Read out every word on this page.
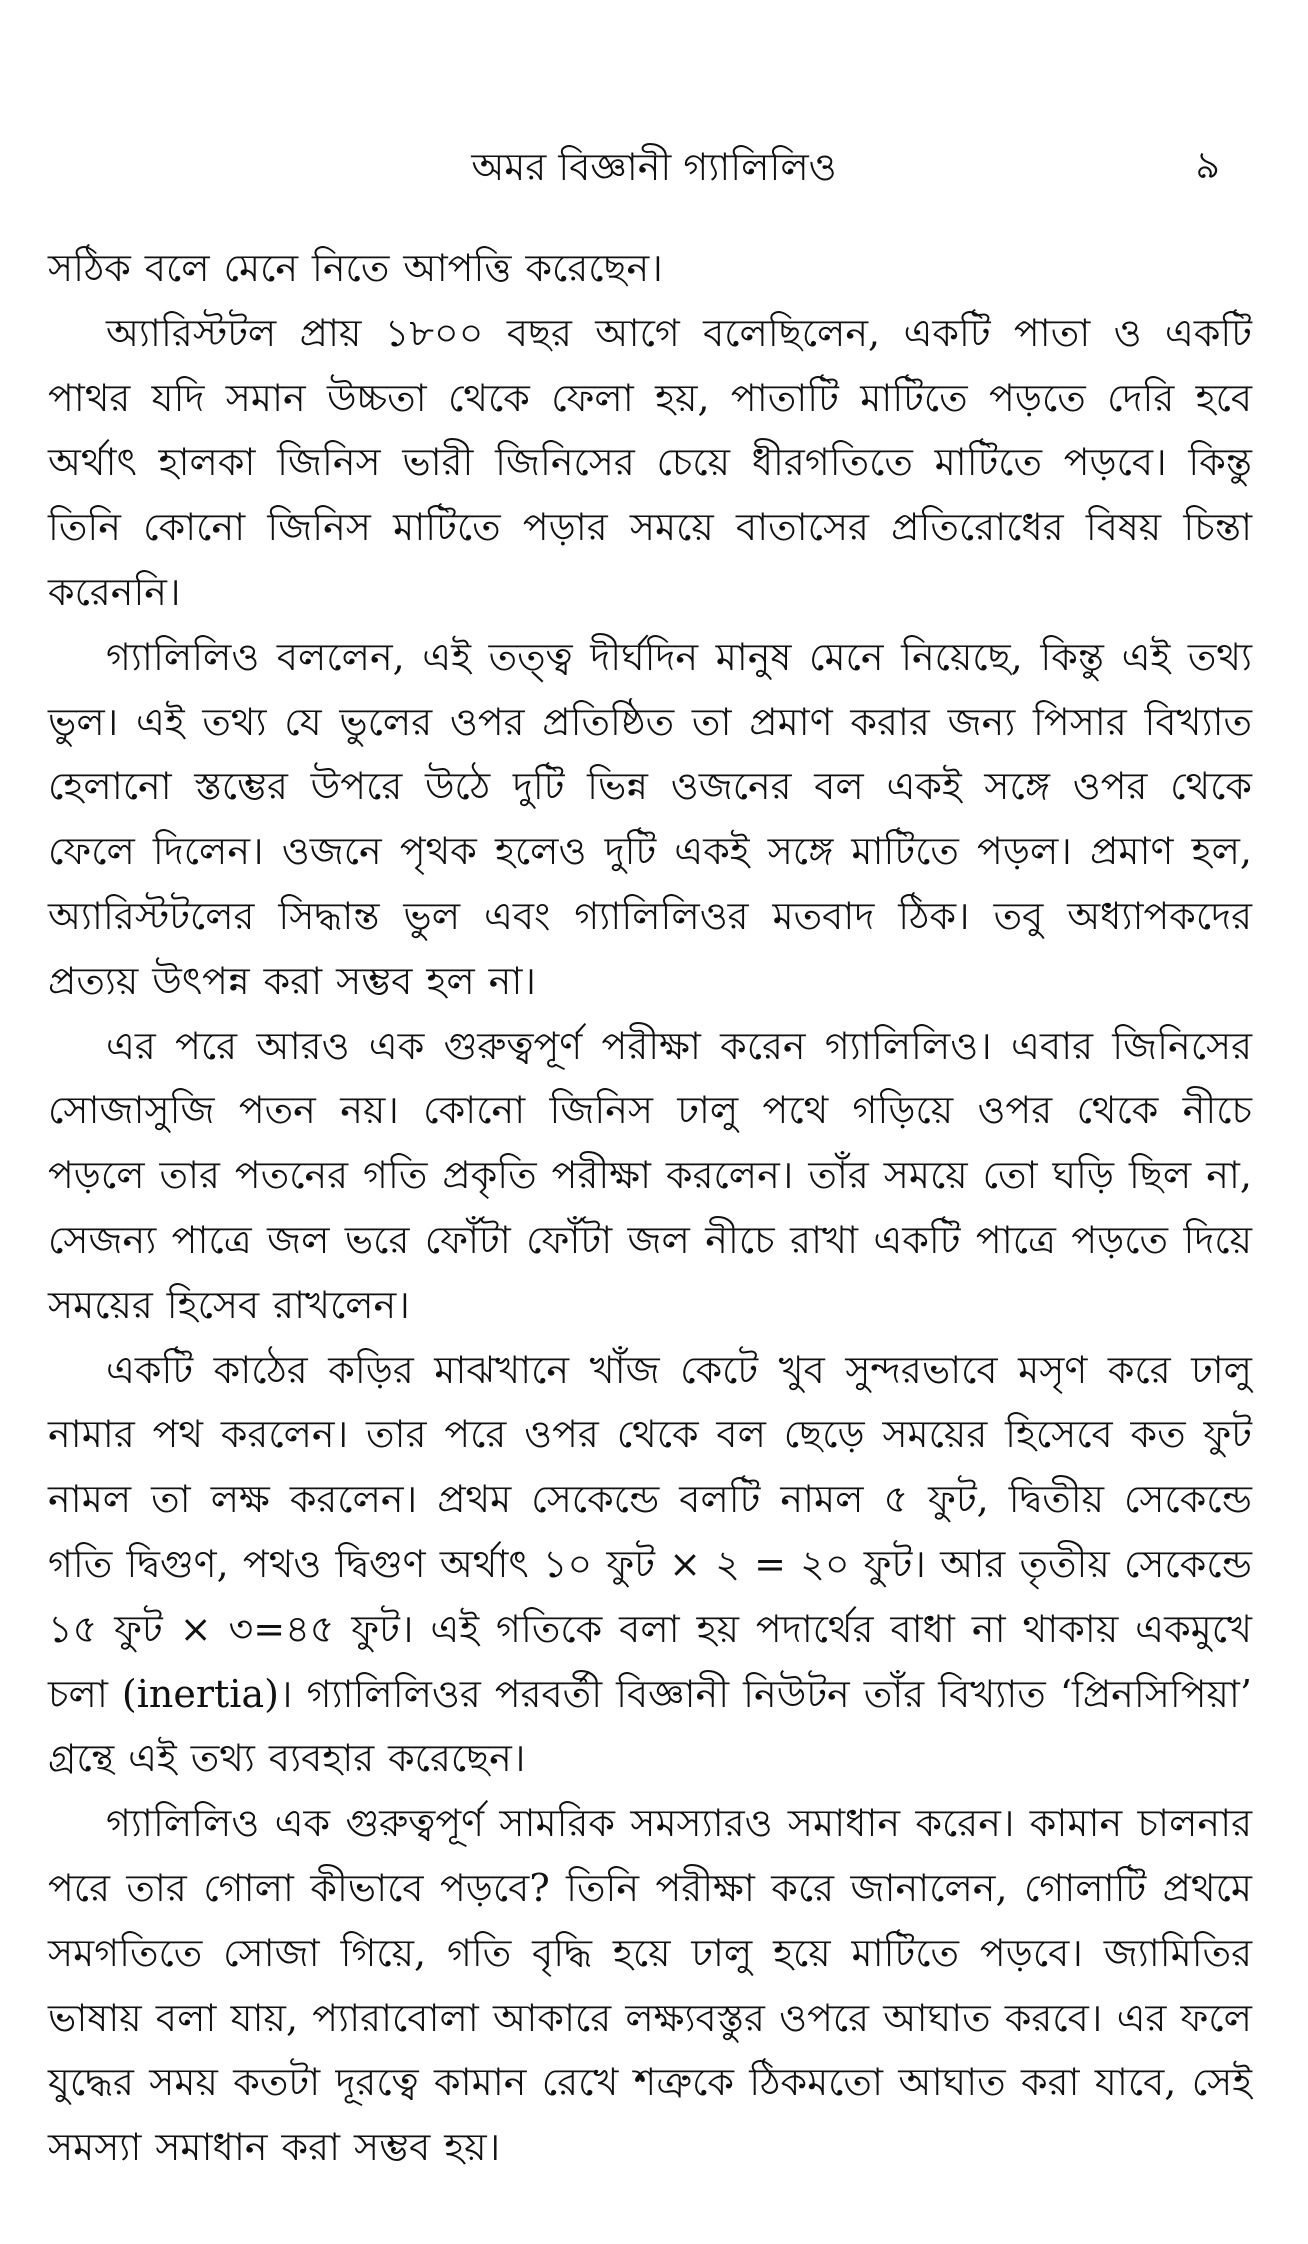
অমর বিজ্ঞানী গ্যালিলিও	৯

সঠিক বলে মেনে নিতে আপত্তি করেছেন।

অ্যারিস্টটল প্রায় ১৮০০ বছর আগে বলেছিলেন, একটি পাতা ও একটি পাথর যদি সমান উচ্চতা থেকে ফেলা হয়, পাতাটি মাটিতে পড়তে দেরি হবে অর্থাৎ হালকা জিনিস ভারী জিনিসের চেয়ে ধীরগতিতে মাটিতে পড়বে। কিন্তু তিনি কোনো জিনিস মাটিতে পড়ার সময়ে বাতাসের প্রতিরোধের বিষয় চিন্তা করেননি।

গ্যালিলিও বললেন, এই তত্ত্ব দীর্ঘদিন মানুষ মেনে নিয়েছে, কিন্তু এই তথ্য ভুল। এই তথ্য যে ভুলের ওপর প্রতিষ্ঠিত তা প্রমাণ করার জন্য পিসার বিখ্যাত হেলানো স্তম্ভের উপরে উঠে দুটি ভিন্ন ওজনের বল একই সঙ্গে ওপর থেকে ফেলে দিলেন। ওজনে পৃথক হলেও দুটি একই সঙ্গে মাটিতে পড়ল। প্রমাণ হল, অ্যারিস্টটলের সিদ্ধান্ত ভুল এবং গ্যালিলিওর মতবাদ ঠিক। তবু অধ্যাপকদের প্রত্যয় উৎপন্ন করা সম্ভব হল না।

এর পরে আরও এক গুরুত্বপূর্ণ পরীক্ষা করেন গ্যালিলিও। এবার জিনিসের সোজাসুজি পতন নয়। কোনো জিনিস ঢালু পথে গড়িয়ে ওপর থেকে নীচে পড়লে তার পতনের গতি প্রকৃতি পরীক্ষা করলেন। তাঁর সময়ে তো ঘড়ি ছিল না, সেজন্য পাত্রে জল ভরে ফোঁটা ফোঁটা জল নীচে রাখা একটি পাত্রে পড়তে দিয়ে সময়ের হিসেব রাখলেন।

একটি কাঠের কড়ির মাঝখানে খাঁজ কেটে খুব সুন্দরভাবে মসৃণ করে ঢালু নামার পথ করলেন। তার পরে ওপর থেকে বল ছেড়ে সময়ের হিসেবে কত ফুট নামল তা লক্ষ করলেন। প্রথম সেকেন্ডে বলটি নামল ৫ ফুট, দ্বিতীয় সেকেন্ডে গতি দ্বিগুণ, পথও দ্বিগুণ অর্থাৎ ১০ ফুট × ২ = ২০ ফুট। আর তৃতীয় সেকেন্ডে ১৫ ফুট × ৩=৪৫ ফুট। এই গতিকে বলা হয় পদার্থের বাধা না থাকায় একমুখে চলা (inertia)। গ্যালিলিওর পরবর্তী বিজ্ঞানী নিউটন তাঁর বিখ্যাত ‘প্রিনসিপিয়া’ গ্রন্থে এই তথ্য ব্যবহার করেছেন।

গ্যালিলিও এক গুরুত্বপূর্ণ সামরিক সমস্যারও সমাধান করেন। কামান চালনার পরে তার গোলা কীভাবে পড়বে? তিনি পরীক্ষা করে জানালেন, গোলাটি প্রথমে সমগতিতে সোজা গিয়ে, গতি বৃদ্ধি হয়ে ঢালু হয়ে মাটিতে পড়বে। জ্যামিতির ভাষায় বলা যায়, প্যারাবোলা আকারে লক্ষ্যবস্তুর ওপরে আঘাত করবে। এর ফলে যুদ্ধের সময় কতটা দূরত্বে কামান রেখে শত্রুকে ঠিকমতো আঘাত করা যাবে, সেই সমস্যা সমাধান করা সম্ভব হয়।
